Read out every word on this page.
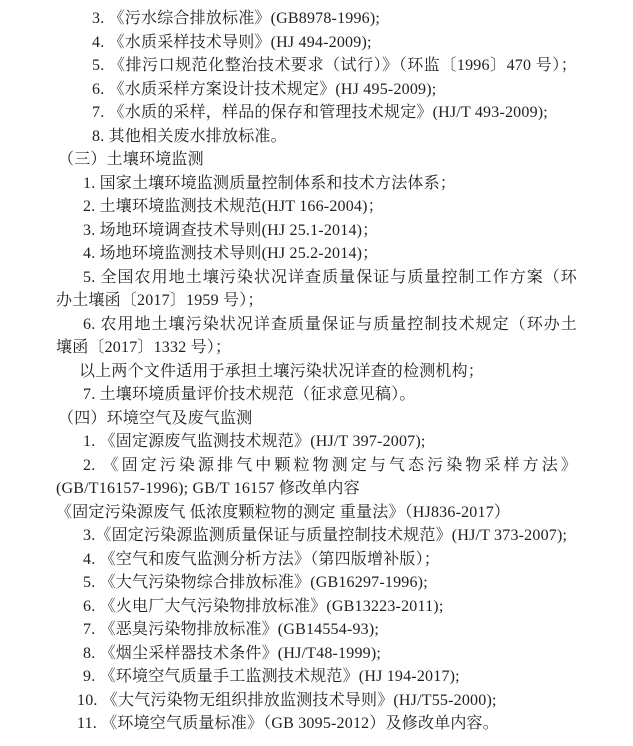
3. 《污水综合排放标准》(GB8978-1996);
4. 《水质采样技术导则》(HJ 494-2009);
5. 《排污口规范化整治技术要求（试行）》（环监〔1996〕470 号）；
6. 《水质采样方案设计技术规定》(HJ 495-2009);
7. 《水质的采样，样品的保存和管理技术规定》(HJ/T 493-2009);
8. 其他相关废水排放标准。
（三）土壤环境监测
1. 国家土壤环境监测质量控制体系和技术方法体系；
2. 土壤环境监测技术规范(HJT 166-2004)；
3. 场地环境调查技术导则(HJ 25.1-2014)；
4. 场地环境监测技术导则(HJ 25.2-2014)；
5. 全国农用地土壤污染状况详查质量保证与质量控制工作方案（环
办土壤函〔2017〕1959 号）；
6. 农用地土壤污染状况详查质量保证与质量控制技术规定（环办土
壤函〔2017〕1332 号）；
以上两个文件适用于承担土壤污染状况详查的检测机构；
7. 土壤环境质量评价技术规范（征求意见稿）。
（四）环境空气及废气监测
1. 《固定源废气监测技术规范》(HJ/T 397-2007);
2. 《固定污染源排气中颗粒物测定与气态污染物采样方法》
(GB/T16157-1996); GB/T 16157 修改单内容
《固定污染源废气 低浓度颗粒物的测定 重量法》（HJ836-2017）
3.《固定污染源监测质量保证与质量控制技术规范》(HJ/T 373-2007);
4. 《空气和废气监测分析方法》（第四版增补版）；
5. 《大气污染物综合排放标准》(GB16297-1996);
6. 《火电厂大气污染物排放标准》(GB13223-2011);
7. 《恶臭污染物排放标准》(GB14554-93);
8. 《烟尘采样器技术条件》(HJ/T48-1999);
9. 《环境空气质量手工监测技术规范》(HJ 194-2017);
10. 《大气污染物无组织排放监测技术导则》(HJ/T55-2000);
11. 《环境空气质量标准》（GB 3095-2012）及修改单内容。
